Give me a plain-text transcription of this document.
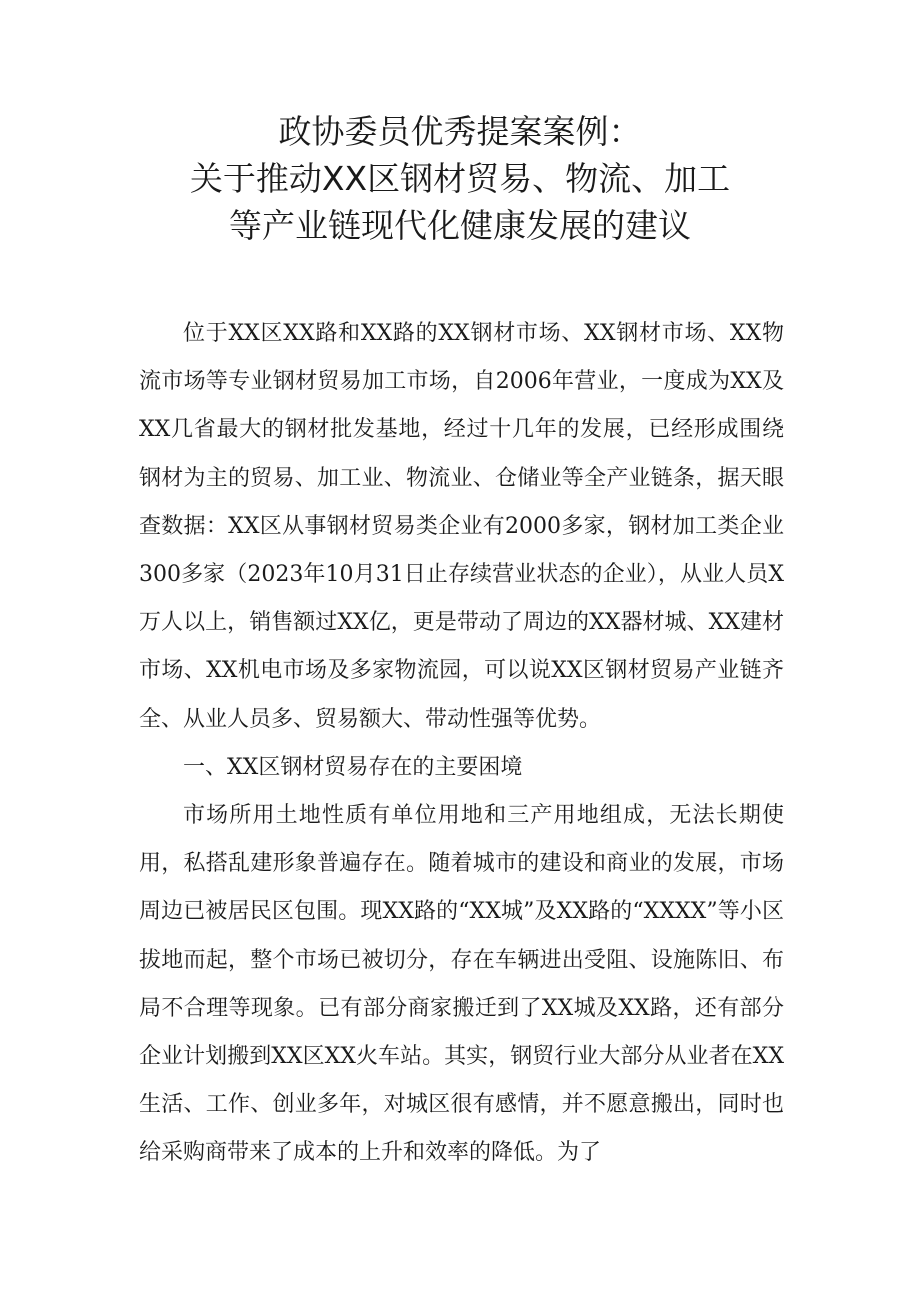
政协委员优秀提案案例：
关于推动XX区钢材贸易、物流、加工
等产业链现代化健康发展的建议

位于XX区XX路和XX路的XX钢材市场、XX钢材市场、XX物流市场等专业钢材贸易加工市场，自2006年营业，一度成为XX及XX几省最大的钢材批发基地，经过十几年的发展，已经形成围绕钢材为主的贸易、加工业、物流业、仓储业等全产业链条，据天眼查数据：XX区从事钢材贸易类企业有2000多家，钢材加工类企业300多家（2023年10月31日止存续营业状态的企业），从业人员X万人以上，销售额过XX亿，更是带动了周边的XX器材城、XX建材市场、XX机电市场及多家物流园，可以说XX区钢材贸易产业链齐全、从业人员多、贸易额大、带动性强等优势。

一、XX区钢材贸易存在的主要困境

市场所用土地性质有单位用地和三产用地组成，无法长期使用，私搭乱建形象普遍存在。随着城市的建设和商业的发展，市场周边已被居民区包围。现XX路的“XX城”及XX路的“XXXX”等小区拔地而起，整个市场已被切分，存在车辆进出受阻、设施陈旧、布局不合理等现象。已有部分商家搬迁到了XX城及XX路，还有部分企业计划搬到XX区XX火车站。其实，钢贸行业大部分从业者在XX生活、工作、创业多年，对城区很有感情，并不愿意搬出，同时也给采购商带来了成本的上升和效率的降低。为了
